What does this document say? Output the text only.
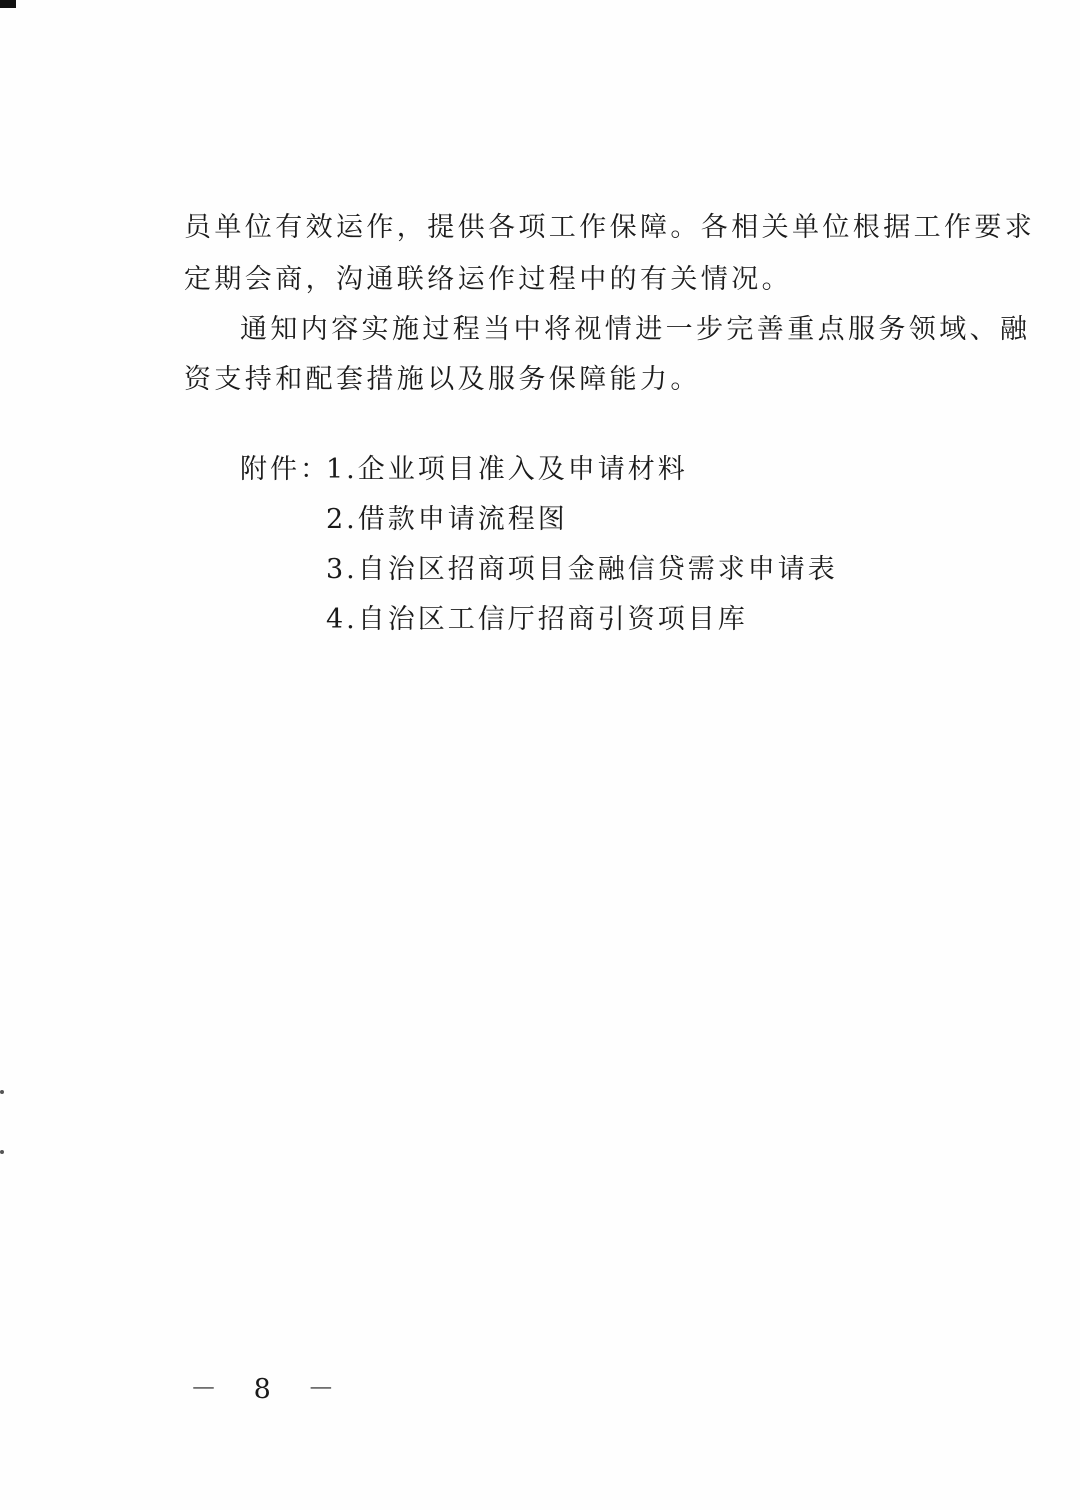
员单位有效运作，提供各项工作保障。各相关单位根据工作要求

定期会商，沟通联络运作过程中的有关情况。

通知内容实施过程当中将视情进一步完善重点服务领域、融

资支持和配套措施以及服务保障能力。

附件：
1.企业项目准入及申请材料
2.借款申请流程图
3.自治区招商项目金融信贷需求申请表
4.自治区工信厅招商引资项目库
－ 8 －
